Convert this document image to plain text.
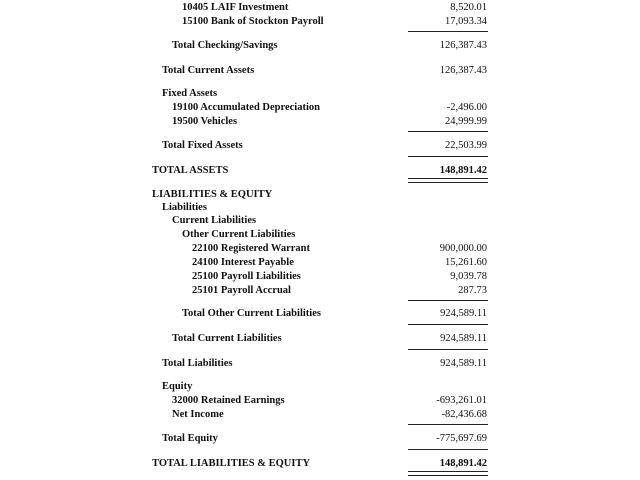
10405 LAIF Investment	8,520.01
15100 Bank of Stockton Payroll	17,093.34
Total Checking/Savings	126,387.43
Total Current Assets	126,387.43
Fixed Assets
19100 Accumulated Depreciation	-2,496.00
19500 Vehicles	24,999.99
Total Fixed Assets	22,503.99
TOTAL ASSETS	148,891.42
LIABILITIES & EQUITY
Liabilities
Current Liabilities
Other Current Liabilities
22100 Registered Warrant	900,000.00
24100 Interest Payable	15,261.60
25100 Payroll Liabilities	9,039.78
25101 Payroll Accrual	287.73
Total Other Current Liabilities	924,589.11
Total Current Liabilities	924,589.11
Total Liabilities	924,589.11
Equity
32000 Retained Earnings	-693,261.01
Net Income	-82,436.68
Total Equity	-775,697.69
TOTAL LIABILITIES & EQUITY	148,891.42
